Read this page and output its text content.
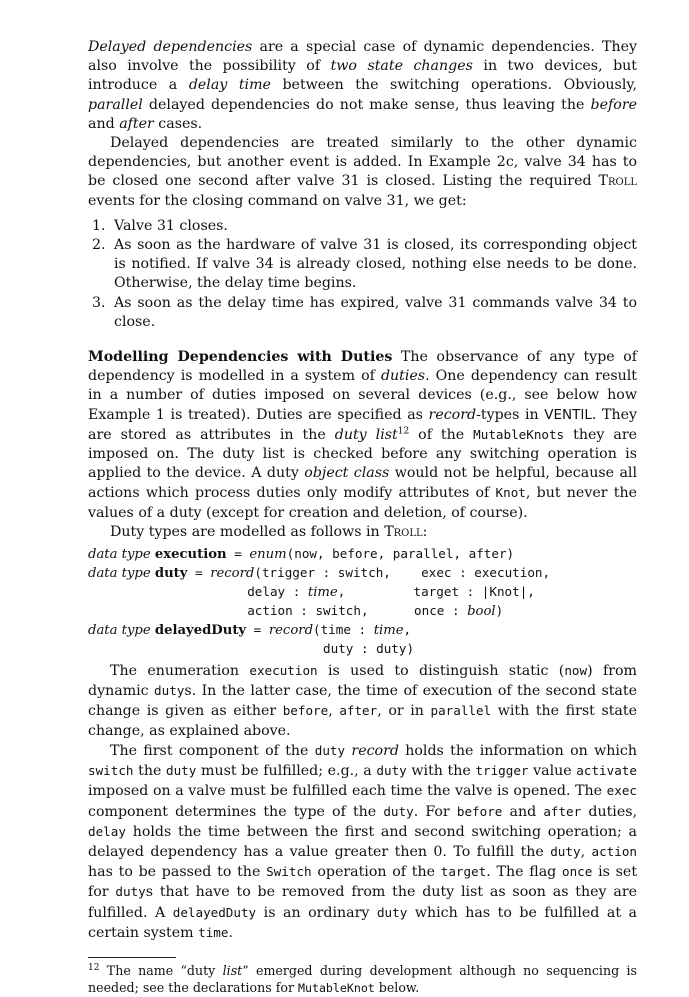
Delayed dependencies are a special case of dynamic dependencies. They also involve the possibility of two state changes in two devices, but introduce a delay time between the switching operations. Obviously, parallel delayed dependencies do not make sense, thus leaving the before and after cases.

Delayed dependencies are treated similarly to the other dynamic dependencies, but another event is added. In Example 2c, valve 34 has to be closed one second after valve 31 is closed. Listing the required Troll events for the closing command on valve 31, we get:

1. Valve 31 closes.
2. As soon as the hardware of valve 31 is closed, its corresponding object is notified. If valve 34 is already closed, nothing else needs to be done. Otherwise, the delay time begins.
3. As soon as the delay time has expired, valve 31 commands valve 34 to close.

Modelling Dependencies with Duties The observance of any type of dependency is modelled in a system of duties. One dependency can result in a number of duties imposed on several devices (e.g., see below how Example 1 is treated). Duties are specified as record-types in VENTIL. They are stored as attributes in the duty list$^{12}$ of the MutableKnots they are imposed on. The duty list is checked before any switching operation is applied to the device. A duty object class would not be helpful, because all actions which process duties only modify attributes of Knot, but never the values of a duty (except for creation and deletion, of course).

Duty types are modelled as follows in Troll:

data type execution = enum(now, before, parallel, after)
data type duty = record(trigger : switch,    exec : execution,
delay : time,         target : |Knot|,
action : switch,      once : bool)
data type delayedDuty = record(time : time,
duty : duty)

The enumeration execution is used to distinguish static (now) from dynamic dutys. In the latter case, the time of execution of the second state change is given as either before, after, or in parallel with the first state change, as explained above.

The first component of the duty record holds the information on which switch the duty must be fulfilled; e.g., a duty with the trigger value activate imposed on a valve must be fulfilled each time the valve is opened. The exec component determines the type of the duty. For before and after duties, delay holds the time between the first and second switching operation; a delayed dependency has a value greater then 0. To fulfill the duty, action has to be passed to the Switch operation of the target. The flag once is set for dutys that have to be removed from the duty list as soon as they are fulfilled. A delayedDuty is an ordinary duty which has to be fulfilled at a certain system time.

$^{12}$ The name “duty list” emerged during development although no sequencing is needed; see the declarations for MutableKnot below.
